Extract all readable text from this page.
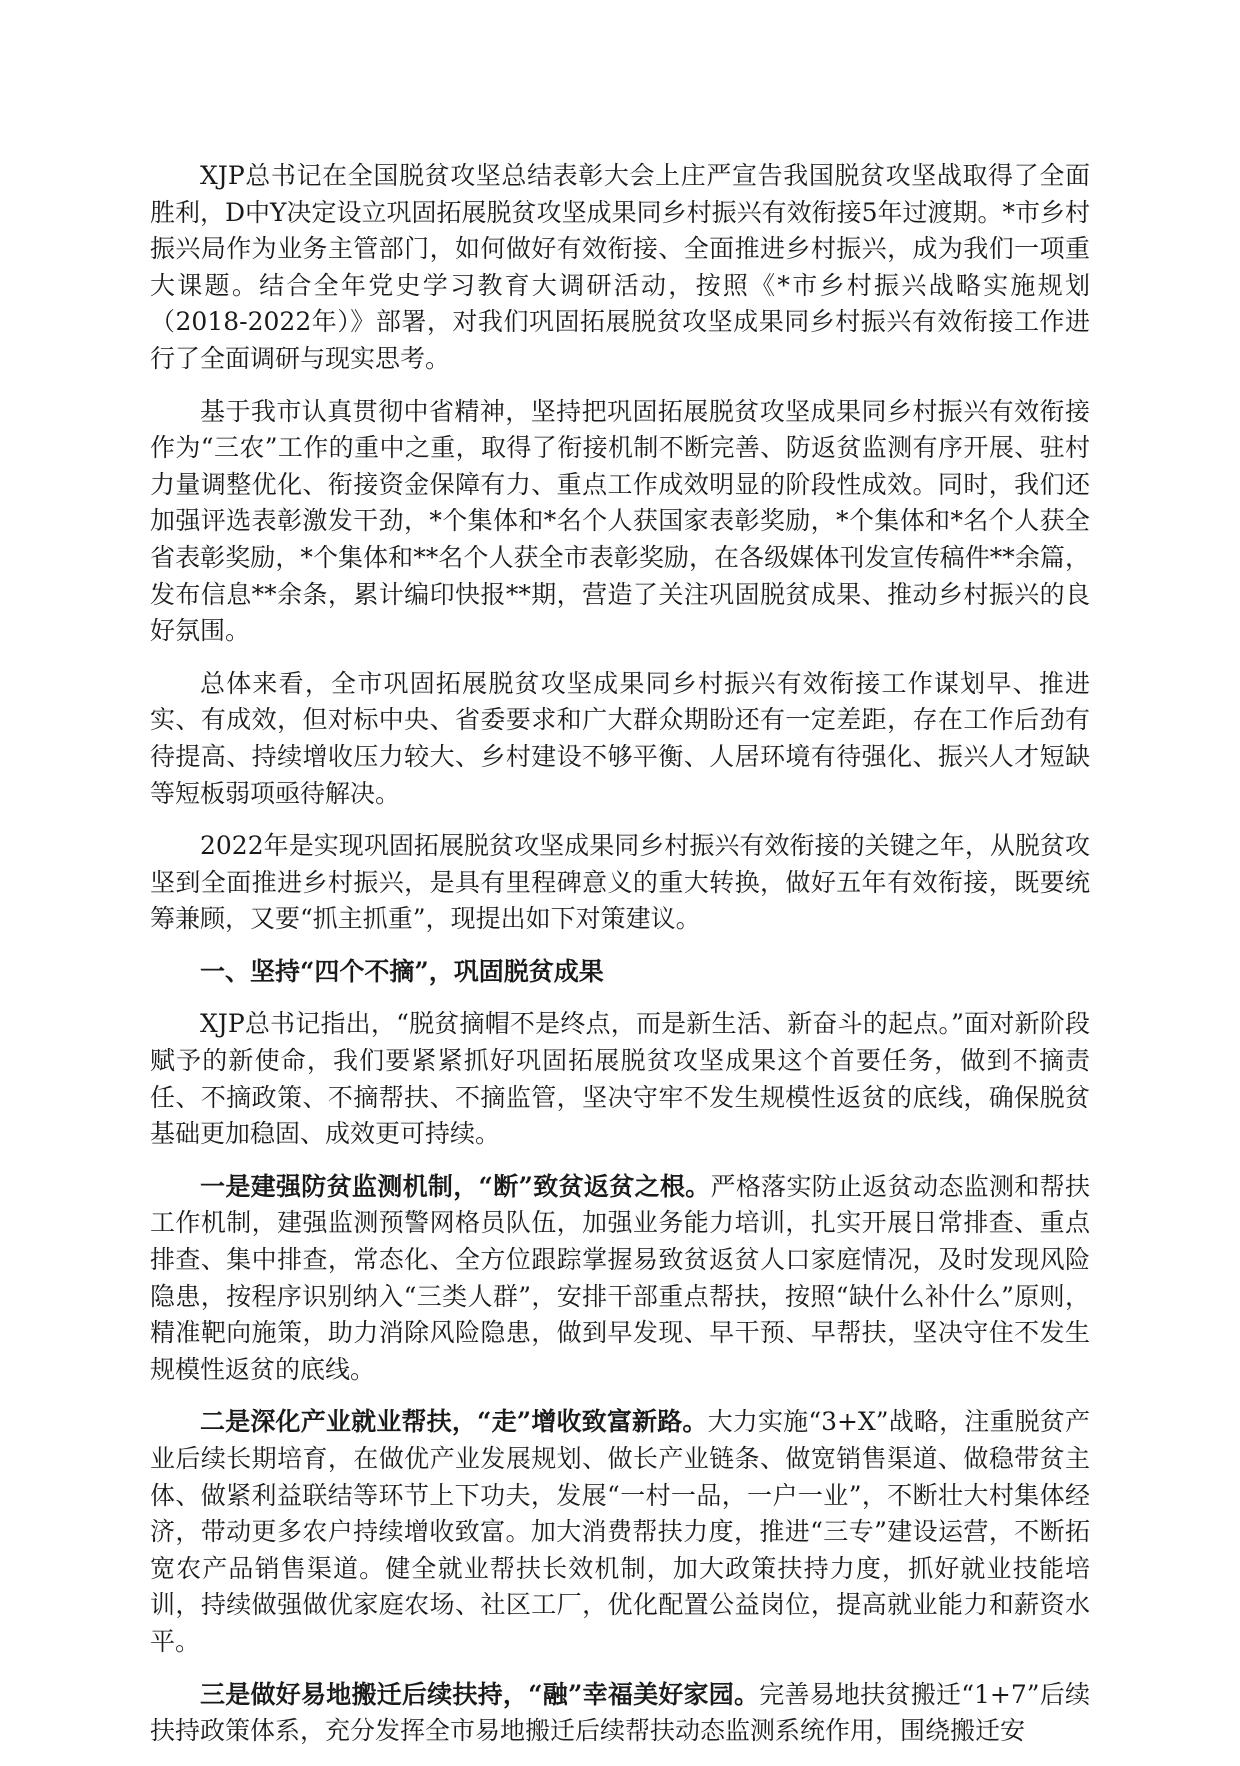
XJP总书记在全国脱贫攻坚总结表彰大会上庄严宣告我国脱贫攻坚战取得了全面胜利，D中Y决定设立巩固拓展脱贫攻坚成果同乡村振兴有效衔接5年过渡期。*市乡村振兴局作为业务主管部门，如何做好有效衔接、全面推进乡村振兴，成为我们一项重大课题。结合全年党史学习教育大调研活动，按照《*市乡村振兴战略实施规划（2018-2022年）》部署，对我们巩固拓展脱贫攻坚成果同乡村振兴有效衔接工作进行了全面调研与现实思考。

基于我市认真贯彻中省精神，坚持把巩固拓展脱贫攻坚成果同乡村振兴有效衔接作为“三农”工作的重中之重，取得了衔接机制不断完善、防返贫监测有序开展、驻村力量调整优化、衔接资金保障有力、重点工作成效明显的阶段性成效。同时，我们还加强评选表彰激发干劲，*个集体和*名个人获国家表彰奖励，*个集体和*名个人获全省表彰奖励，*个集体和**名个人获全市表彰奖励，在各级媒体刊发宣传稿件**余篇，发布信息**余条，累计编印快报**期，营造了关注巩固脱贫成果、推动乡村振兴的良好氛围。

总体来看，全市巩固拓展脱贫攻坚成果同乡村振兴有效衔接工作谋划早、推进实、有成效，但对标中央、省委要求和广大群众期盼还有一定差距，存在工作后劲有待提高、持续增收压力较大、乡村建设不够平衡、人居环境有待强化、振兴人才短缺等短板弱项亟待解决。

2022年是实现巩固拓展脱贫攻坚成果同乡村振兴有效衔接的关键之年，从脱贫攻坚到全面推进乡村振兴，是具有里程碑意义的重大转换，做好五年有效衔接，既要统筹兼顾，又要“抓主抓重”，现提出如下对策建议。

一、坚持“四个不摘”，巩固脱贫成果

XJP总书记指出，“脱贫摘帽不是终点，而是新生活、新奋斗的起点。”面对新阶段赋予的新使命，我们要紧紧抓好巩固拓展脱贫攻坚成果这个首要任务，做到不摘责任、不摘政策、不摘帮扶、不摘监管，坚决守牢不发生规模性返贫的底线，确保脱贫基础更加稳固、成效更可持续。

一是建强防贫监测机制，“断”致贫返贫之根。严格落实防止返贫动态监测和帮扶工作机制，建强监测预警网格员队伍，加强业务能力培训，扎实开展日常排查、重点排查、集中排查，常态化、全方位跟踪掌握易致贫返贫人口家庭情况，及时发现风险隐患，按程序识别纳入“三类人群”，安排干部重点帮扶，按照“缺什么补什么”原则，精准靶向施策，助力消除风险隐患，做到早发现、早干预、早帮扶，坚决守住不发生规模性返贫的底线。

二是深化产业就业帮扶，“走”增收致富新路。大力实施“3+X”战略，注重脱贫产业后续长期培育，在做优产业发展规划、做长产业链条、做宽销售渠道、做稳带贫主体、做紧利益联结等环节上下功夫，发展“一村一品，一户一业”，不断壮大村集体经济，带动更多农户持续增收致富。加大消费帮扶力度，推进“三专”建设运营，不断拓宽农产品销售渠道。健全就业帮扶长效机制，加大政策扶持力度，抓好就业技能培训，持续做强做优家庭农场、社区工厂，优化配置公益岗位，提高就业能力和薪资水平。

三是做好易地搬迁后续扶持，“融”幸福美好家园。完善易地扶贫搬迁“1+7”后续扶持政策体系，充分发挥全市易地搬迁后续帮扶动态监测系统作用，围绕搬迁安
